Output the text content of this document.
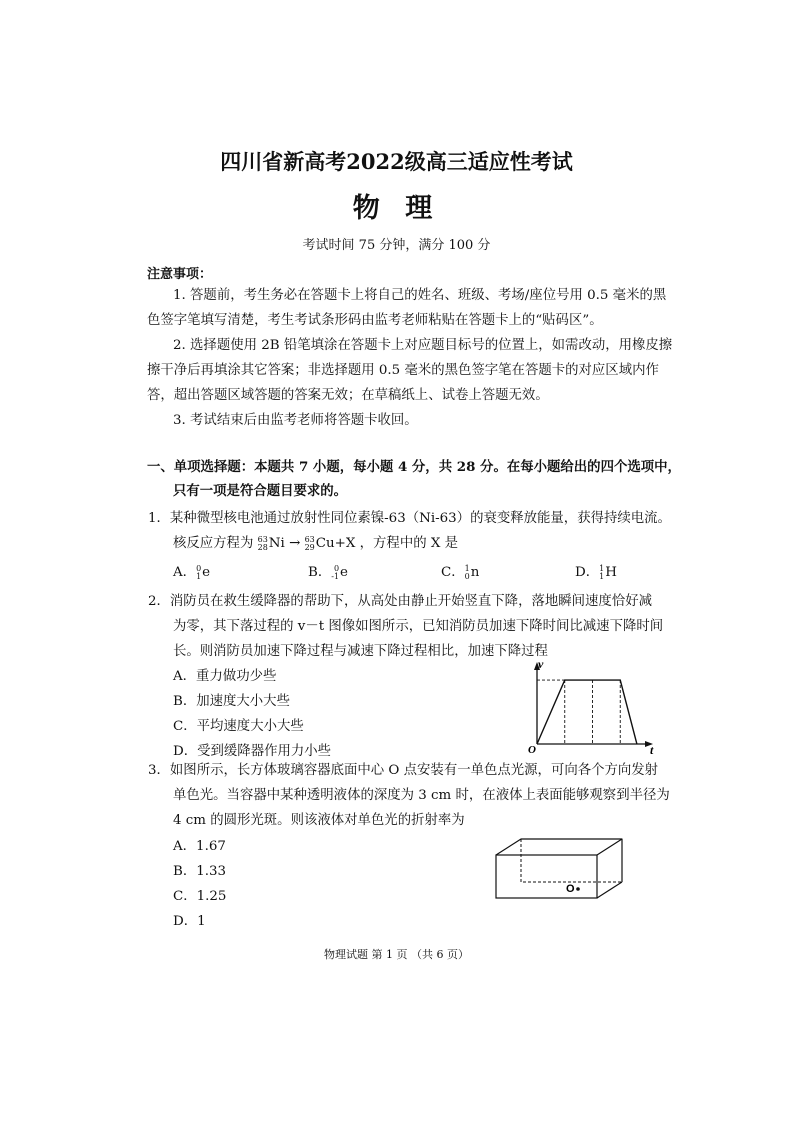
四川省新高考2022级高三适应性考试
物 理
考试时间 75 分钟，满分 100 分
注意事项：
1. 答题前，考生务必在答题卡上将自己的姓名、班级、考场/座位号用 0.5 毫米的黑
色签字笔填写清楚，考生考试条形码由监考老师粘贴在答题卡上的“贴码区”。
2. 选择题使用 2B 铅笔填涂在答题卡上对应题目标号的位置上，如需改动，用橡皮擦
擦干净后再填涂其它答案；非选择题用 0.5 毫米的黑色签字笔在答题卡的对应区域内作
答，超出答题区域答题的答案无效；在草稿纸上、试卷上答题无效。
3. 考试结束后由监考老师将答题卡收回。
一、单项选择题：本题共 7 小题，每小题 4 分，共 28 分。在每小题给出的四个选项中，
只有一项是符合题目要求的。
1．某种微型核电池通过放射性同位素镍-63（Ni-63）的衰变释放能量，获得持续电流。
核反应方程为 63
28 Ni → 63
29 Cu+X ，方程中的 X 是
A． 0
1 e	B． 0
-1 e	C． 1
0 n	D． 1
1 H
2．消防员在救生缓降器的帮助下，从高处由静止开始竖直下降，落地瞬间速度恰好减
为零，其下落过程的 v－t 图像如图所示，已知消防员加速下降时间比减速下降时间
长。则消防员加速下降过程与减速下降过程相比，加速下降过程
A．重力做功少些
B．加速度大小大些
C．平均速度大小大些
D．受到缓降器作用力小些
v
t
O
3．如图所示，长方体玻璃容器底面中心 O 点安装有一单色点光源，可向各个方向发射
单色光。当容器中某种透明液体的深度为 3 cm 时，在液体上表面能够观察到半径为
4 cm 的圆形光斑。则该液体对单色光的折射率为
A．1.67
B．1.33
C．1.25
D．1
O
物理试题 第 1 页 （共 6 页）
